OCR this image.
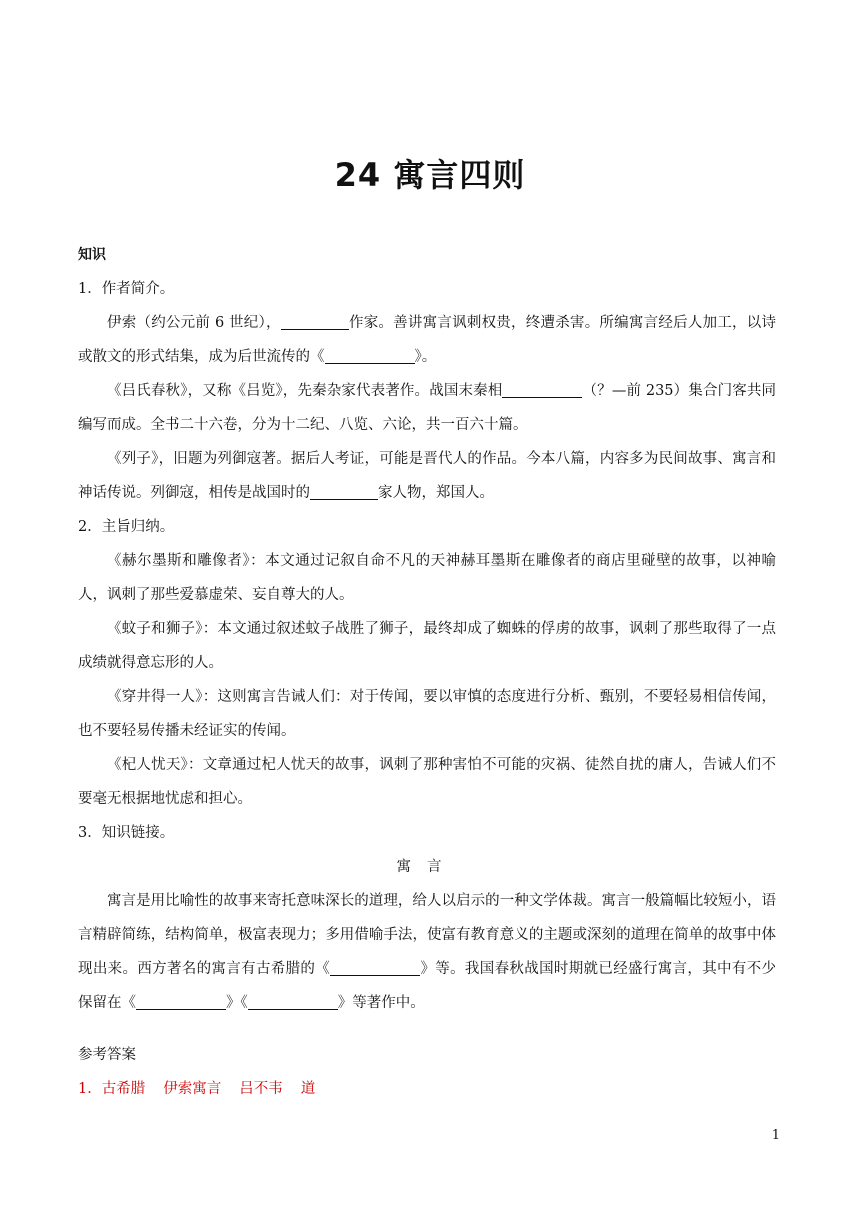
24 寓言四则
知识
1．作者简介。
伊索（约公元前 6 世纪），	作家。善讲寓言讽刺权贵，终遭杀害。所编寓言经后人加工，以诗或散文的形式结集，成为后世流传的《	》。
《吕氏春秋》，又称《吕览》，先秦杂家代表著作。战国末秦相	（？—前 235）集合门客共同编写而成。全书二十六卷，分为十二纪、八览、六论，共一百六十篇。
《列子》，旧题为列御寇著。据后人考证，可能是晋代人的作品。今本八篇，内容多为民间故事、寓言和神话传说。列御寇，相传是战国时的	家人物，郑国人。
2．主旨归纳。
《赫尔墨斯和雕像者》：本文通过记叙自命不凡的天神赫耳墨斯在雕像者的商店里碰壁的故事，以神喻人，讽刺了那些爱慕虚荣、妄自尊大的人。
《蚊子和狮子》：本文通过叙述蚊子战胜了狮子，最终却成了蜘蛛的俘虏的故事，讽刺了那些取得了一点成绩就得意忘形的人。
《穿井得一人》：这则寓言告诫人们：对于传闻，要以审慎的态度进行分析、甄别，不要轻易相信传闻，也不要轻易传播未经证实的传闻。
《杞人忧天》：文章通过杞人忧天的故事，讽刺了那种害怕不可能的灾祸、徒然自扰的庸人，告诫人们不要毫无根据地忧虑和担心。
3．知识链接。
寓言
寓言是用比喻性的故事来寄托意味深长的道理，给人以启示的一种文学体裁。寓言一般篇幅比较短小，语言精辟简练，结构简单，极富表现力；多用借喻手法，使富有教育意义的主题或深刻的道理在简单的故事中体现出来。西方著名的寓言有古希腊的《	》等。我国春秋战国时期就已经盛行寓言，其中有不少保留在《	》《	》等著作中。
参考答案
1．古希腊 伊索寓言 吕不韦 道
1
